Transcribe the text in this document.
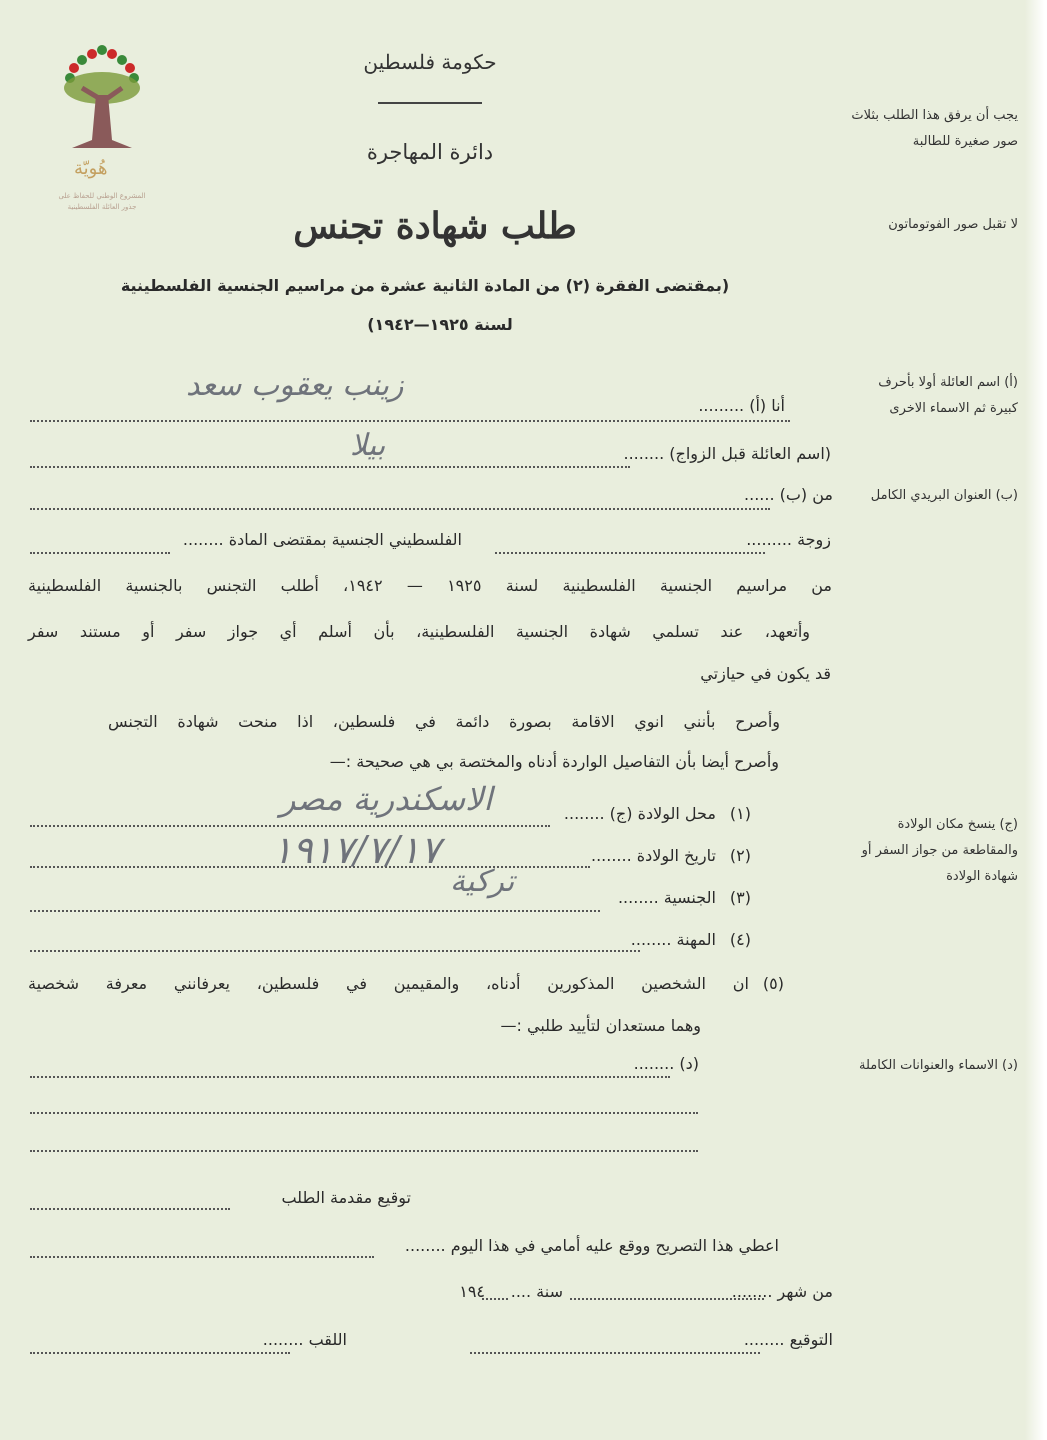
هُويّة
المشروع الوطني للحفاظ على
جذور العائلة الفلسطينية
حكومة فلسطين
دائرة المهاجرة
طلب شهادة تجنس
(بمقتضى الفقرة (٢) من المادة الثانية عشرة من مراسيم الجنسية الفلسطينية
لسنة ١٩٢٥—١٩٤٢)
يجب أن يرفق هذا الطلب بثلاث صور صغيرة للطالبة
لا تقبل صور الفوتوماتون
(أ) اسم العائلة أولا بأحرف كبيرة ثم الاسماء الاخرى
(ب) العنوان البريدي الكامل
(ج) ينسخ مكان الولادة والمقاطعة من جواز السفر أو شهادة الولادة
(د) الاسماء والعنوانات الكاملة
أنا (أ) .........
زينب يعقوب سعد
(اسم العائلة قبل الزواج) ........
بيلا
من (ب) ......
زوجة .........
الفلسطيني الجنسية بمقتضى المادة ........
من مراسيم الجنسية الفلسطينية لسنة ١٩٢٥ — ١٩٤٢، أطلب التجنس بالجنسية الفلسطينية
وأتعهد، عند تسلمي شهادة الجنسية الفلسطينية، بأن أسلم أي جواز سفر أو مستند سفر
قد يكون في حيازتي
وأصرح بأنني انوي الاقامة بصورة دائمة في فلسطين، اذا منحت شهادة التجنس
وأصرح أيضا بأن التفاصيل الواردة أدناه والمختصة بي هي صحيحة :—
(١)محل الولادة (ج) ........
الاسكندرية مصر
(٢)تاريخ الولادة ........
١٩١٧/٧/١٧
(٣)الجنسية ........
تركية
(٤)المهنة ........
(٥)ان الشخصين المذكورين أدناه، والمقيمين في فلسطين، يعرفانني معرفة شخصية
وهما مستعدان لتأييد طلبي :—
(د) ........
توقيع مقدمة الطلب
اعطي هذا التصريح ووقع عليه أمامي في هذا اليوم ........
من شهر ........
سنة ....
١٩٤
التوقيع ........
اللقب ........
